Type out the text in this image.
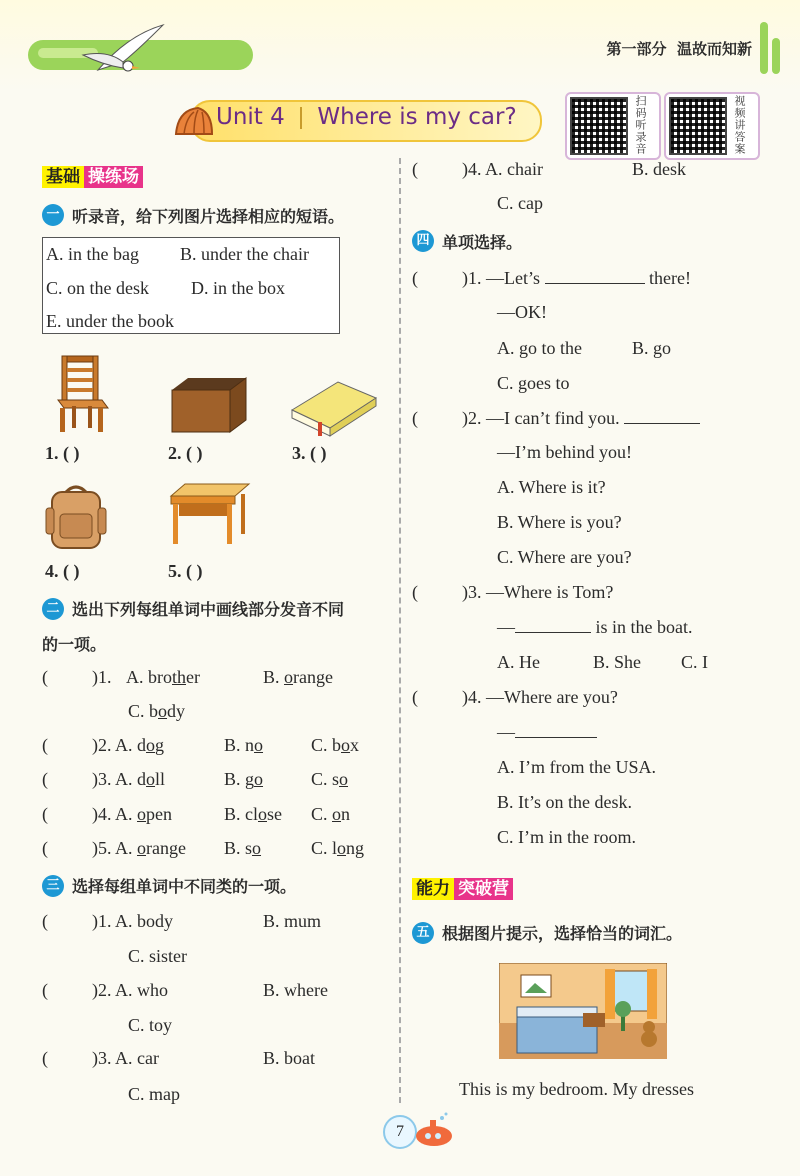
第一部分 温故而知新
Unit 4 Where is my car?	扫码听录音	视频讲答案
基础 操练场
一 听录音，给下列图片选择相应的短语。
A. in the bag B. under the chair
C. on the desk D. in the box
E. under the book
1. ( )	2. ( )	3. ( )
4. ( )	5. ( )
二 选出下列每组单词中画线部分发音不同
的一项。
( )1. A. brother	B. orange
C. body
( )2. A. dog	B. no	C. box
( )3. A. doll	B. go	C. so
( )4. A. open	B. close C. on
( )5. A. orange B. so	C. long
三 选择每组单词中不同类的一项。
( )1. A. body	B. mum
C. sister
( )2. A. who	B. where
C. toy
( )3. A. car	B. boat
C. map
( )4. A. chair	B. desk
C. cap
四 单项选择。
( )1. —Let’s	there!
—OK!
A. go to the	B. go
C. goes to
( )2. —I can’t find you.
—I’m behind you!
A. Where is it?
B. Where is you?
C. Where are you?
( )3. —Where is Tom?
—	is in the boat.
A. He	B. She C. I
( )4. —Where are you?
—
A. I’m from the USA.
B. It’s on the desk.
C. I’m in the room.
能力 突破营
五 根据图片提示，选择恰当的词汇。
This is my bedroom. My dresses
7
